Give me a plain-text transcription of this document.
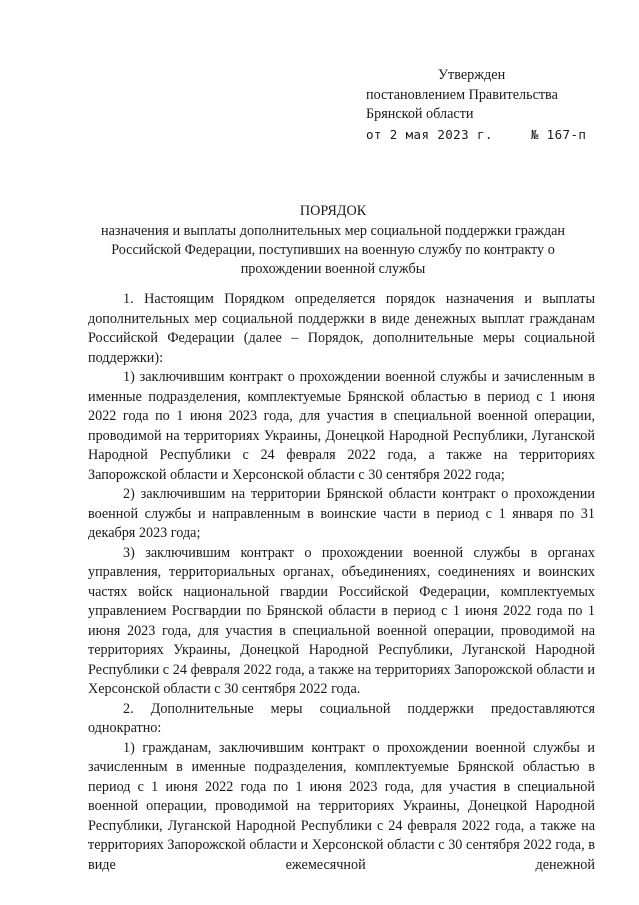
Утвержден
постановлением Правительства
Брянской области
от 2 мая 2023 г.	№ 167-п
ПОРЯДОК
назначения и выплаты дополнительных мер социальной поддержки граждан Российской Федерации, поступивших на военную службу по контракту о прохождении военной службы

1. Настоящим Порядком определяется порядок назначения и выплаты дополнительных мер социальной поддержки в виде денежных выплат гражданам Российской Федерации (далее – Порядок, дополнительные меры социальной поддержки):

1) заключившим контракт о прохождении военной службы и зачисленным в именные подразделения, комплектуемые Брянской областью в период с 1 июня 2022 года по 1 июня 2023 года, для участия в специальной военной операции, проводимой на территориях Украины, Донецкой Народной Республики, Луганской Народной Республики с 24 февраля 2022 года, а также на территориях Запорожской области и Херсонской области с 30 сентября 2022 года;

2) заключившим на территории Брянской области контракт о прохождении военной службы и направленным в воинские части в период с 1 января по 31 декабря 2023 года;

3) заключившим контракт о прохождении военной службы в органах управления, территориальных органах, объединениях, соединениях и воинских частях войск национальной гвардии Российской Федерации, комплектуемых управлением Росгвардии по Брянской области в период с 1 июня 2022 года по 1 июня 2023 года, для участия в специальной военной операции, проводимой на территориях Украины, Донецкой Народной Республики, Луганской Народной Республики с 24 февраля 2022 года, а также на территориях Запорожской области и Херсонской области с 30 сентября 2022 года.

2. Дополнительные меры социальной поддержки предоставляются однократно:

1) гражданам, заключившим контракт о прохождении военной службы и зачисленным в именные подразделения, комплектуемые Брянской областью в период с 1 июня 2022 года по 1 июня 2023 года, для участия в специальной военной операции, проводимой на территориях Украины, Донецкой Народной Республики, Луганской Народной Республики с 24 февраля 2022 года, а также на территориях Запорожской области и Херсонской области с 30 сентября 2022 года, в виде ежемесячной денежной
